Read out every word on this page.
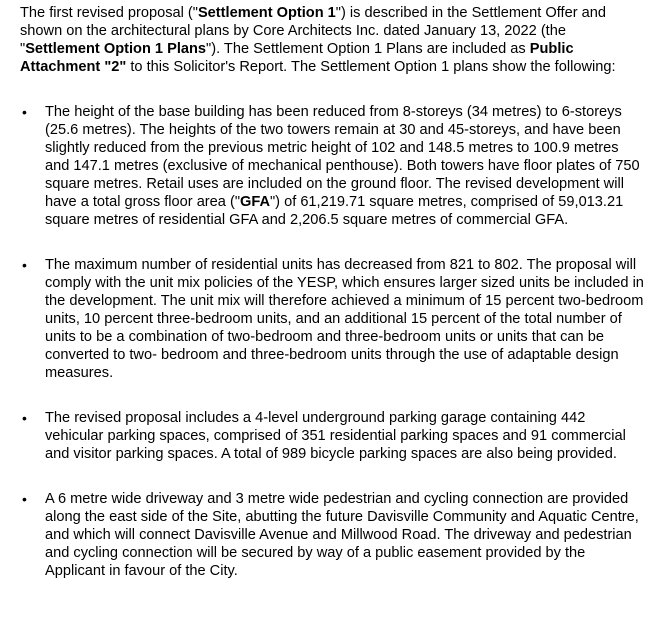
The first revised proposal ("Settlement Option 1") is described in the Settlement Offer and shown on the architectural plans by Core Architects Inc. dated January 13, 2022 (the "Settlement Option 1 Plans"). The Settlement Option 1 Plans are included as Public Attachment "2" to this Solicitor's Report. The Settlement Option 1 plans show the following:

• The height of the base building has been reduced from 8-storeys (34 metres) to 6-storeys (25.6 metres). The heights of the two towers remain at 30 and 45-storeys, and have been slightly reduced from the previous metric height of 102 and 148.5 metres to 100.9 metres and 147.1 metres (exclusive of mechanical penthouse). Both towers have floor plates of 750 square metres. Retail uses are included on the ground floor. The revised development will have a total gross floor area ("GFA") of 61,219.71 square metres, comprised of 59,013.21 square metres of residential GFA and 2,206.5 square metres of commercial GFA.

• The maximum number of residential units has decreased from 821 to 802. The proposal will comply with the unit mix policies of the YESP, which ensures larger sized units be included in the development. The unit mix will therefore achieved a minimum of 15 percent two-bedroom units, 10 percent three-bedroom units, and an additional 15 percent of the total number of units to be a combination of two-bedroom and three-bedroom units or units that can be converted to two- bedroom and three-bedroom units through the use of adaptable design measures.

• The revised proposal includes a 4-level underground parking garage containing 442 vehicular parking spaces, comprised of 351 residential parking spaces and 91 commercial and visitor parking spaces. A total of 989 bicycle parking spaces are also being provided.

• A 6 metre wide driveway and 3 metre wide pedestrian and cycling connection are provided along the east side of the Site, abutting the future Davisville Community and Aquatic Centre, and which will connect Davisville Avenue and Millwood Road. The driveway and pedestrian and cycling connection will be secured by way of a public easement provided by the Applicant in favour of the City.
